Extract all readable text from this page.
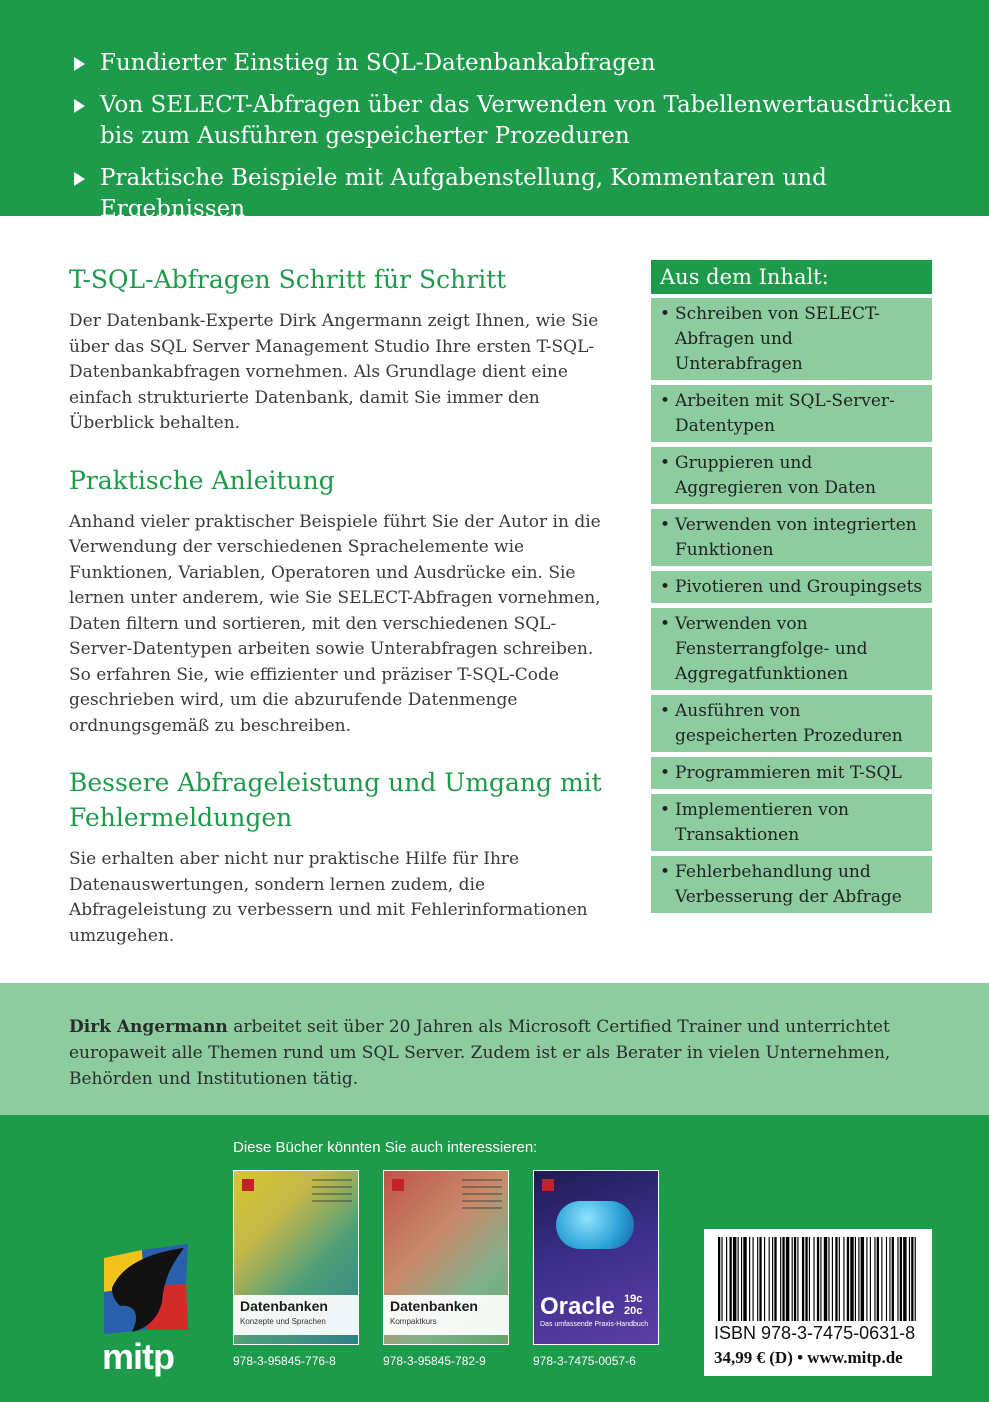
Fundierter Einstieg in SQL-Datenbankabfragen
Von SELECT-Abfragen über das Verwenden von Tabellenwertausdrücken bis zum Ausführen gespeicherter Prozeduren
Praktische Beispiele mit Aufgabenstellung, Kommentaren und Ergebnissen
T-SQL-Abfragen Schritt für Schritt

Der Datenbank-Experte Dirk Angermann zeigt Ihnen, wie Sie über das SQL Server Management Studio Ihre ersten T-SQL-Datenbankabfragen vornehmen. Als Grundlage dient eine einfach strukturierte Datenbank, damit Sie immer den Überblick behalten.

Praktische Anleitung

Anhand vieler praktischer Beispiele führt Sie der Autor in die Verwendung der verschiedenen Sprachelemente wie Funktionen, Variablen, Operatoren und Ausdrücke ein. Sie lernen unter anderem, wie Sie SELECT-Abfragen vornehmen, Daten filtern und sortieren, mit den verschiedenen SQL-Server-Datentypen arbeiten sowie Unterabfragen schreiben. So erfahren Sie, wie effizienter und präziser T-SQL-Code geschrieben wird, um die abzurufende Datenmenge ordnungsgemäß zu beschreiben.

Bessere Abfrageleistung und Umgang mit Fehlermeldungen

Sie erhalten aber nicht nur praktische Hilfe für Ihre Datenauswertungen, sondern lernen zudem, die Abfrageleistung zu verbessern und mit Fehlerinformationen umzugehen.

Aus dem Inhalt:
• Schreiben von SELECT-Abfragen und Unterabfragen
• Arbeiten mit SQL-Server-Datentypen
• Gruppieren und Aggregieren von Daten
• Verwenden von integrierten Funktionen
• Pivotieren und Groupingsets
• Verwenden von Fensterrangfolge- und Aggregatfunktionen
• Ausführen von gespeicherten Prozeduren
• Programmieren mit T-SQL
• Implementieren von Transaktionen
• Fehlerbehandlung und Verbesserung der Abfrage
Dirk Angermann arbeitet seit über 20 Jahren als Microsoft Certified Trainer und unterrichtet europaweit alle Themen rund um SQL Server. Zudem ist er als Berater in vielen Unternehmen, Behörden und Institutionen tätig.
Diese Bücher könnten Sie auch interessieren:
Datenbanken
Konzepte und Sprachen
978-3-95845-776-8
Datenbanken
Kompaktkurs
978-3-95845-782-9
Oracle 19c
20c
Das umfassende Praxis-Handbuch
978-3-7475-0057-6
mitp
ISBN 978-3-7475-0631-8
34,99 € (D) • www.mitp.de
